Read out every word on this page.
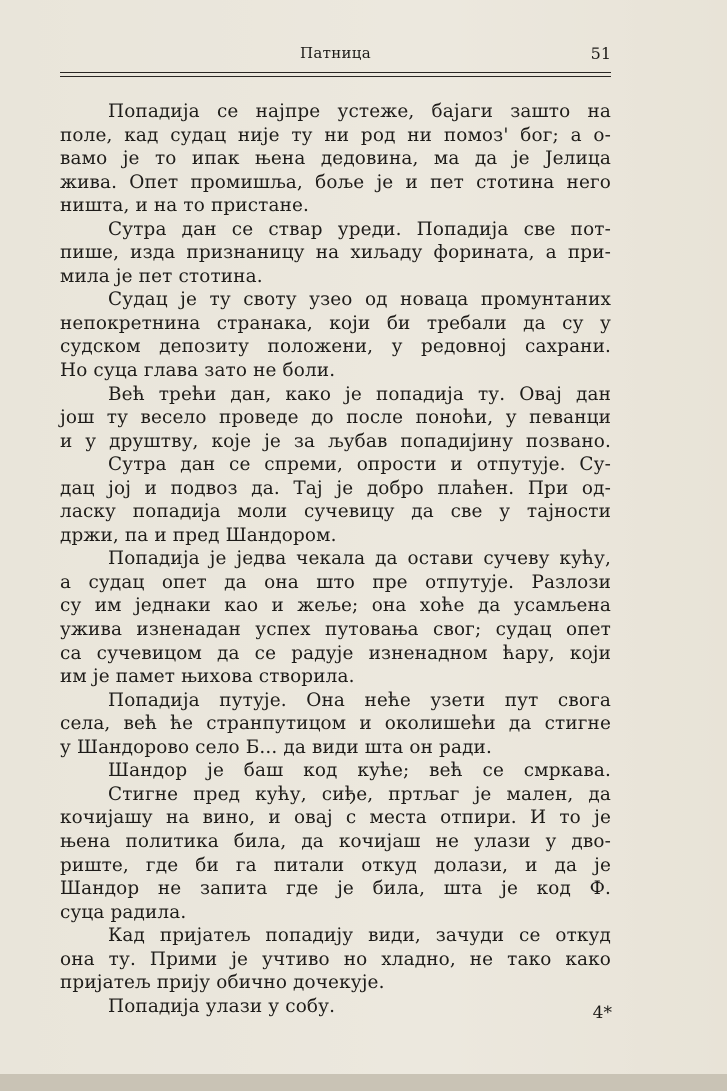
Патница	51
Попадија се најпре устеже, бајаги зашто на
поле, кад судац није ту ни род ни помоз' бог; а о-
вамо је то ипак њена дедовина, ма да је Јелица
жива. Опет промишља, боље је и пет стотина него
ништа, и на то пристане.
Сутра дан се ствар уреди. Попадија све пот-
пише, изда признаницу на хиљаду форината, а при-
мила је пет стотина.
Судац је ту своту узео од новаца промунтаних
непокретнина странака, који би требали да су у
судском депозиту положени, у редовној сахрани.
Но суца глава зато не боли.
Већ трећи дан, како је попадија ту. Овај дан
још ту весело проведе до после поноћи, у певанци
и у друштву, које је за љубав попадијину позвано.
Сутра дан се спреми, опрости и отпутује. Су-
дац јој и подвоз да. Тај је добро плаћен. При од-
ласку попадија моли сучевицу да све у тајности
држи, па и пред Шандором.
Попадија је једва чекала да остави сучеву кућу,
а судац опет да она што пре отпутује. Разлози
су им једнаки као и жеље; она хоће да усамљена
ужива изненадан успех путовања свог; судац опет
са сучевицом да се радује изненадном ћару, који
им је памет њихова створила.
Попадија путује. Она неће узети пут свога
села, већ ће странпутицом и околишећи да стигне
у Шандорово село Б... да види шта он ради.
Шандор је баш код куће; већ се смркава.
Стигне пред кућу, сиђе, пртљаг је мален, да
кочијашу на вино, и овај с места отпири. И то је
њена политика била, да кочијаш не улази у дво-
риште, где би га питали откуд долази, и да је
Шандор не запита где је била, шта је код Ф.
суца радила.
Кад пријатељ попадију види, зачуди се откуд
она ту. Прими је учтиво но хладно, не тако како
пријатељ прију обично дочекује.
Попадија улази у собу.	4*
